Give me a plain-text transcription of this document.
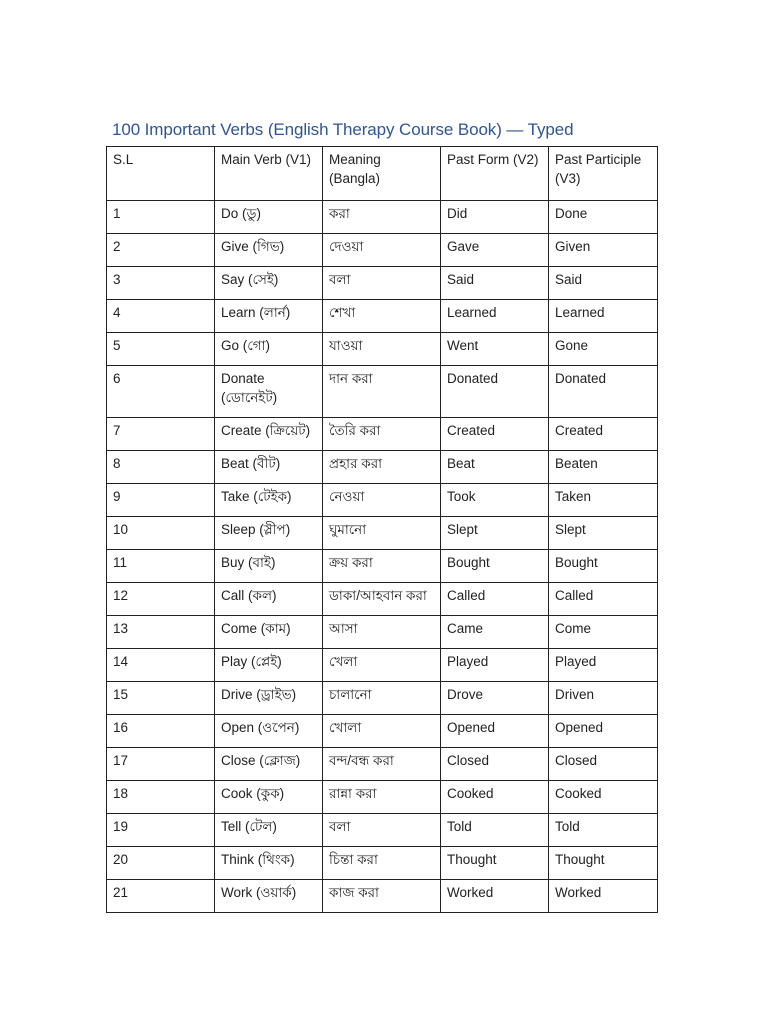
100 Important Verbs (English Therapy Course Book) — Typed
S.L	Main Verb (V1)	Meaning (Bangla)	Past Form (V2)	Past Participle (V3)
1	Do (ডু)	করা	Did	Done
2	Give (গিভ)	দেওয়া	Gave	Given
3	Say (সেই)	বলা	Said	Said
4	Learn (লার্ন)	শেখা	Learned	Learned
5	Go (গো)	যাওয়া	Went	Gone
6	Donate (ডোনেইট)	দান করা	Donated	Donated
7	Create (ক্রিয়েট)	তৈরি করা	Created	Created
8	Beat (বীট)	প্রহার করা	Beat	Beaten
9	Take (টেইক)	নেওয়া	Took	Taken
10	Sleep (স্লীপ)	ঘুমানো	Slept	Slept
11	Buy (বাই)	ক্রয় করা	Bought	Bought
12	Call (কল)	ডাকা/আহবান করা	Called	Called
13	Come (কাম)	আসা	Came	Come
14	Play (প্লেই)	খেলা	Played	Played
15	Drive (ড্রাইভ)	চালানো	Drove	Driven
16	Open (ওপেন)	খোলা	Opened	Opened
17	Close (ক্লোজ)	বন্দ/বন্ধ করা	Closed	Closed
18	Cook (কুক)	রান্না করা	Cooked	Cooked
19	Tell (টেল)	বলা	Told	Told
20	Think (থিংক)	চিন্তা করা	Thought	Thought
21	Work (ওয়ার্ক)	কাজ করা	Worked	Worked
